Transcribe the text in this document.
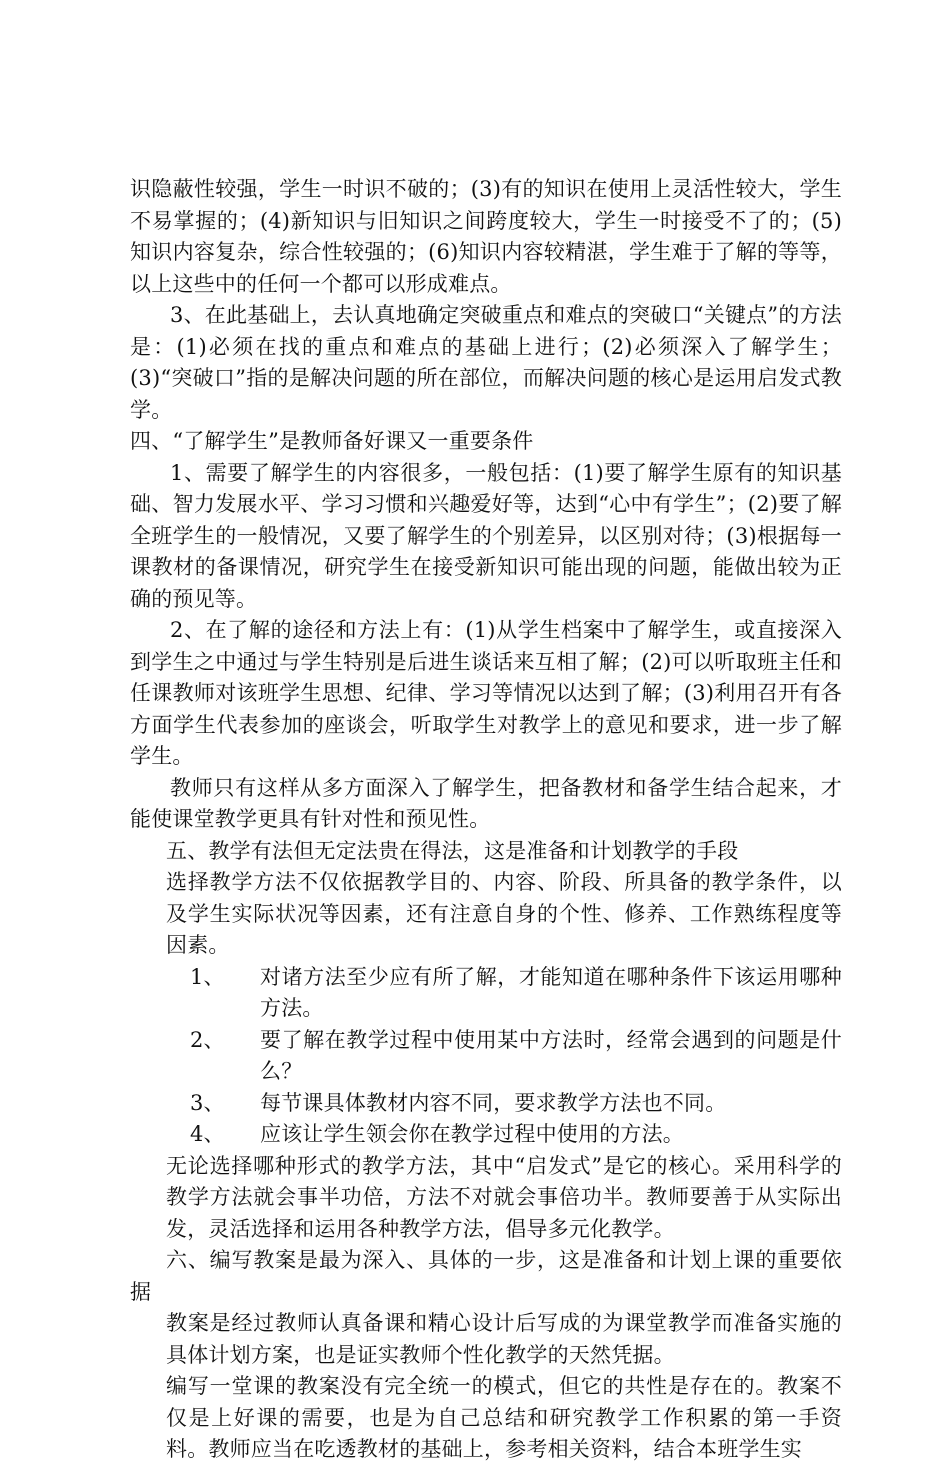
识隐蔽性较强，学生一时识不破的；(3)有的知识在使用上灵活性较大，学生不易掌握的；(4)新知识与旧知识之间跨度较大，学生一时接受不了的；(5)知识内容复杂，综合性较强的；(6)知识内容较精湛，学生难于了解的等等，以上这些中的任何一个都可以形成难点。

3、在此基础上，去认真地确定突破重点和难点的突破口“关键点”的方法是：(1)必须在找的重点和难点的基础上进行；(2)必须深入了解学生；(3)“突破口”指的是解决问题的所在部位，而解决问题的核心是运用启发式教学。

四、“了解学生”是教师备好课又一重要条件

1、需要了解学生的内容很多，一般包括：(1)要了解学生原有的知识基础、智力发展水平、学习习惯和兴趣爱好等，达到“心中有学生”；(2)要了解全班学生的一般情况，又要了解学生的个别差异，以区别对待；(3)根据每一课教材的备课情况，研究学生在接受新知识可能出现的问题，能做出较为正确的预见等。

2、在了解的途径和方法上有：(1)从学生档案中了解学生，或直接深入到学生之中通过与学生特别是后进生谈话来互相了解；(2)可以听取班主任和任课教师对该班学生思想、纪律、学习等情况以达到了解；(3)利用召开有各方面学生代表参加的座谈会，听取学生对教学上的意见和要求，进一步了解学生。

教师只有这样从多方面深入了解学生，把备教材和备学生结合起来，才能使课堂教学更具有针对性和预见性。

五、教学有法但无定法贵在得法，这是准备和计划教学的手段

选择教学方法不仅依据教学目的、内容、阶段、所具备的教学条件，以及学生实际状况等因素，还有注意自身的个性、修养、工作熟练程度等因素。

1、	对诸方法至少应有所了解，才能知道在哪种条件下该运用哪种方法。
2、	要了解在教学过程中使用某中方法时，经常会遇到的问题是什么？
3、	每节课具体教材内容不同，要求教学方法也不同。
4、	应该让学生领会你在教学过程中使用的方法。

无论选择哪种形式的教学方法，其中“启发式”是它的核心。采用科学的教学方法就会事半功倍，方法不对就会事倍功半。教师要善于从实际出发，灵活选择和运用各种教学方法，倡导多元化教学。

六、编写教案是最为深入、具体的一步，这是准备和计划上课的重要依据

教案是经过教师认真备课和精心设计后写成的为课堂教学而准备实施的具体计划方案，也是证实教师个性化教学的天然凭据。

编写一堂课的教案没有完全统一的模式，但它的共性是存在的。教案不仅是上好课的需要，也是为自己总结和研究教学工作积累的第一手资料。教师应当在吃透教材的基础上，参考相关资料，结合本班学生实
